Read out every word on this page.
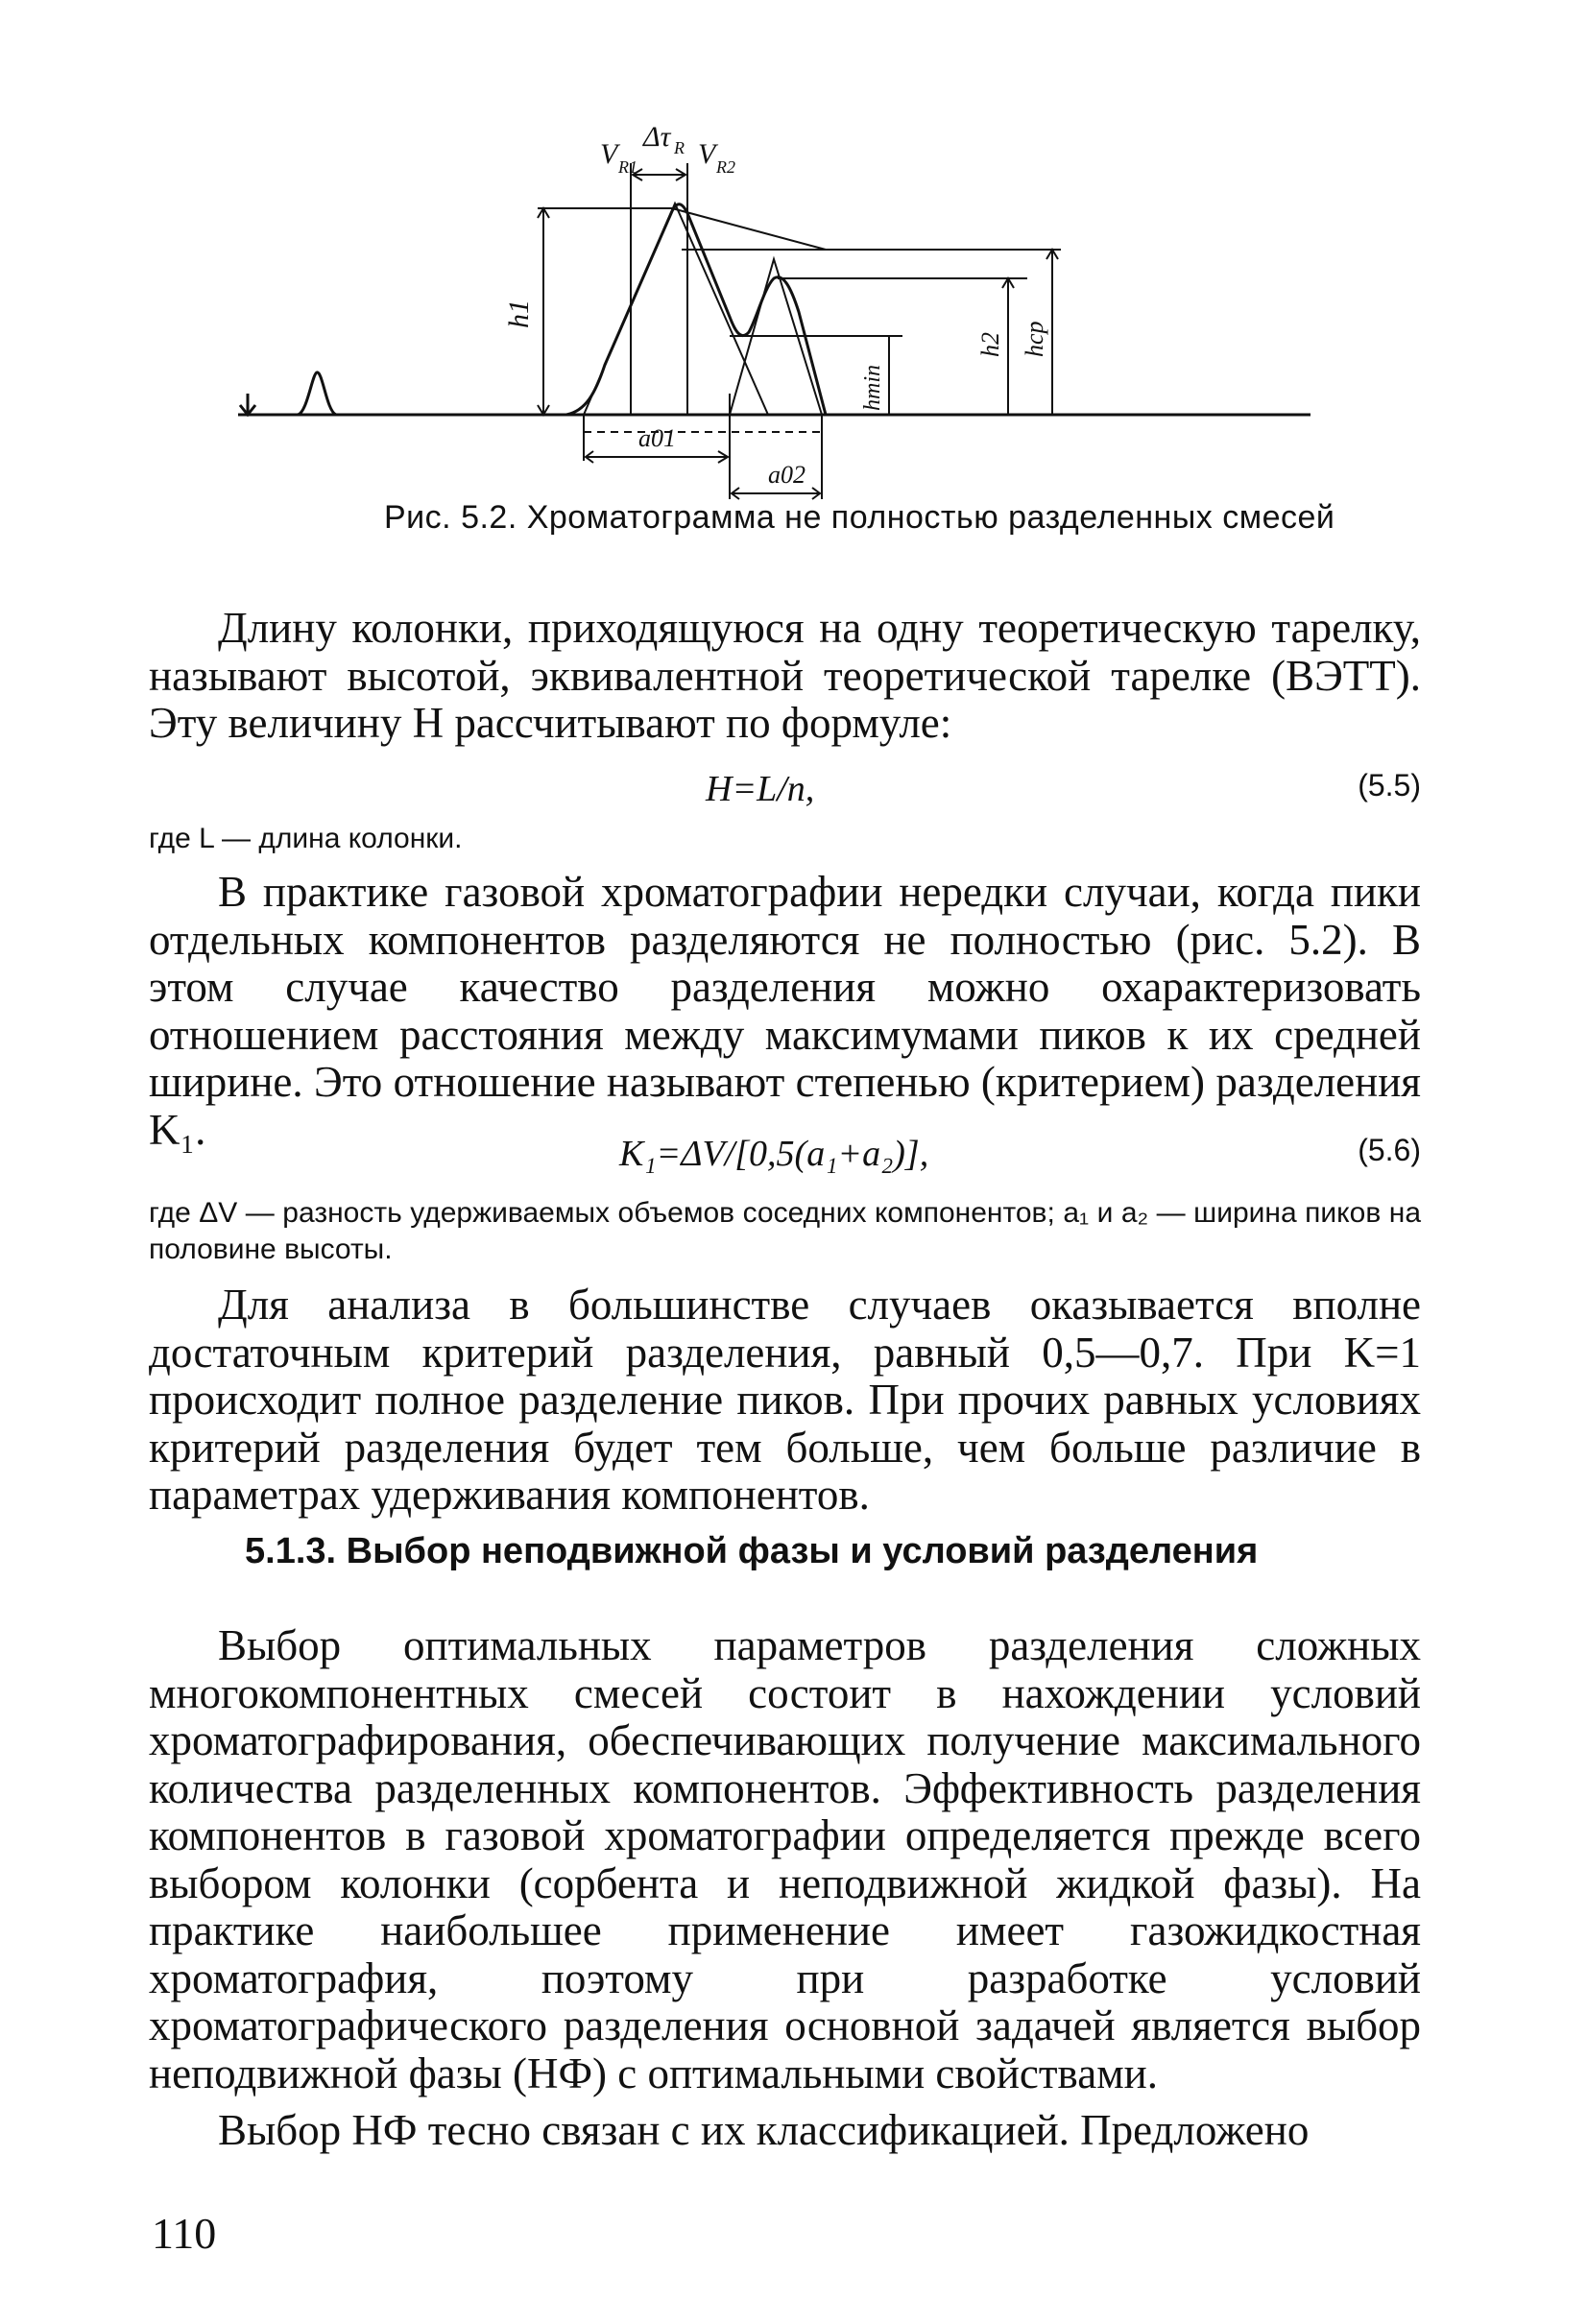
V R1
Δτ R V R2
h1
hmin
h2 hср
a01
a02
Рис. 5.2. Хроматограмма не полностью разделенных смесей

Длину колонки, приходящуюся на одну теоретическую тарелку, называют высотой, эквивалентной теоретической тарелке (ВЭТТ). Эту величину H рассчитывают по формуле:

H=L/n,	(5.5)
где L — длина колонки.

В практике газовой хроматографии нередки случаи, когда пики отдельных компонентов разделяются не полностью (рис. 5.2). В этом случае качество разделения можно охарактеризовать отношением расстояния между максимумами пиков к их средней ширине. Это отношение называют степенью (критерием) разделения K₁.

K₁=ΔV/[0,5(a₁+a₂)],	(5.6)
где ΔV — разность удерживаемых объемов соседних компонентов; a₁ и a₂ — ширина пиков на половине высоты.

Для анализа в большинстве случаев оказывается вполне достаточным критерий разделения, равный 0,5—0,7. При K=1 происходит полное разделение пиков. При прочих равных условиях критерий разделения будет тем больше, чем больше различие в параметрах удерживания компонентов.

5.1.3. Выбор неподвижной фазы и условий разделения

Выбор оптимальных параметров разделения сложных многокомпонентных смесей состоит в нахождении условий хроматографирования, обеспечивающих получение максимального количества разделенных компонентов. Эффективность разделения компонентов в газовой хроматографии определяется прежде всего выбором колонки (сорбента и неподвижной жидкой фазы). На практике наибольшее применение имеет газожидкостная хроматография, поэтому при разработке условий хроматографического разделения основной задачей является выбор неподвижной фазы (НФ) с оптимальными свойствами.

Выбор НФ тесно связан с их классификацией. Предложено

110
